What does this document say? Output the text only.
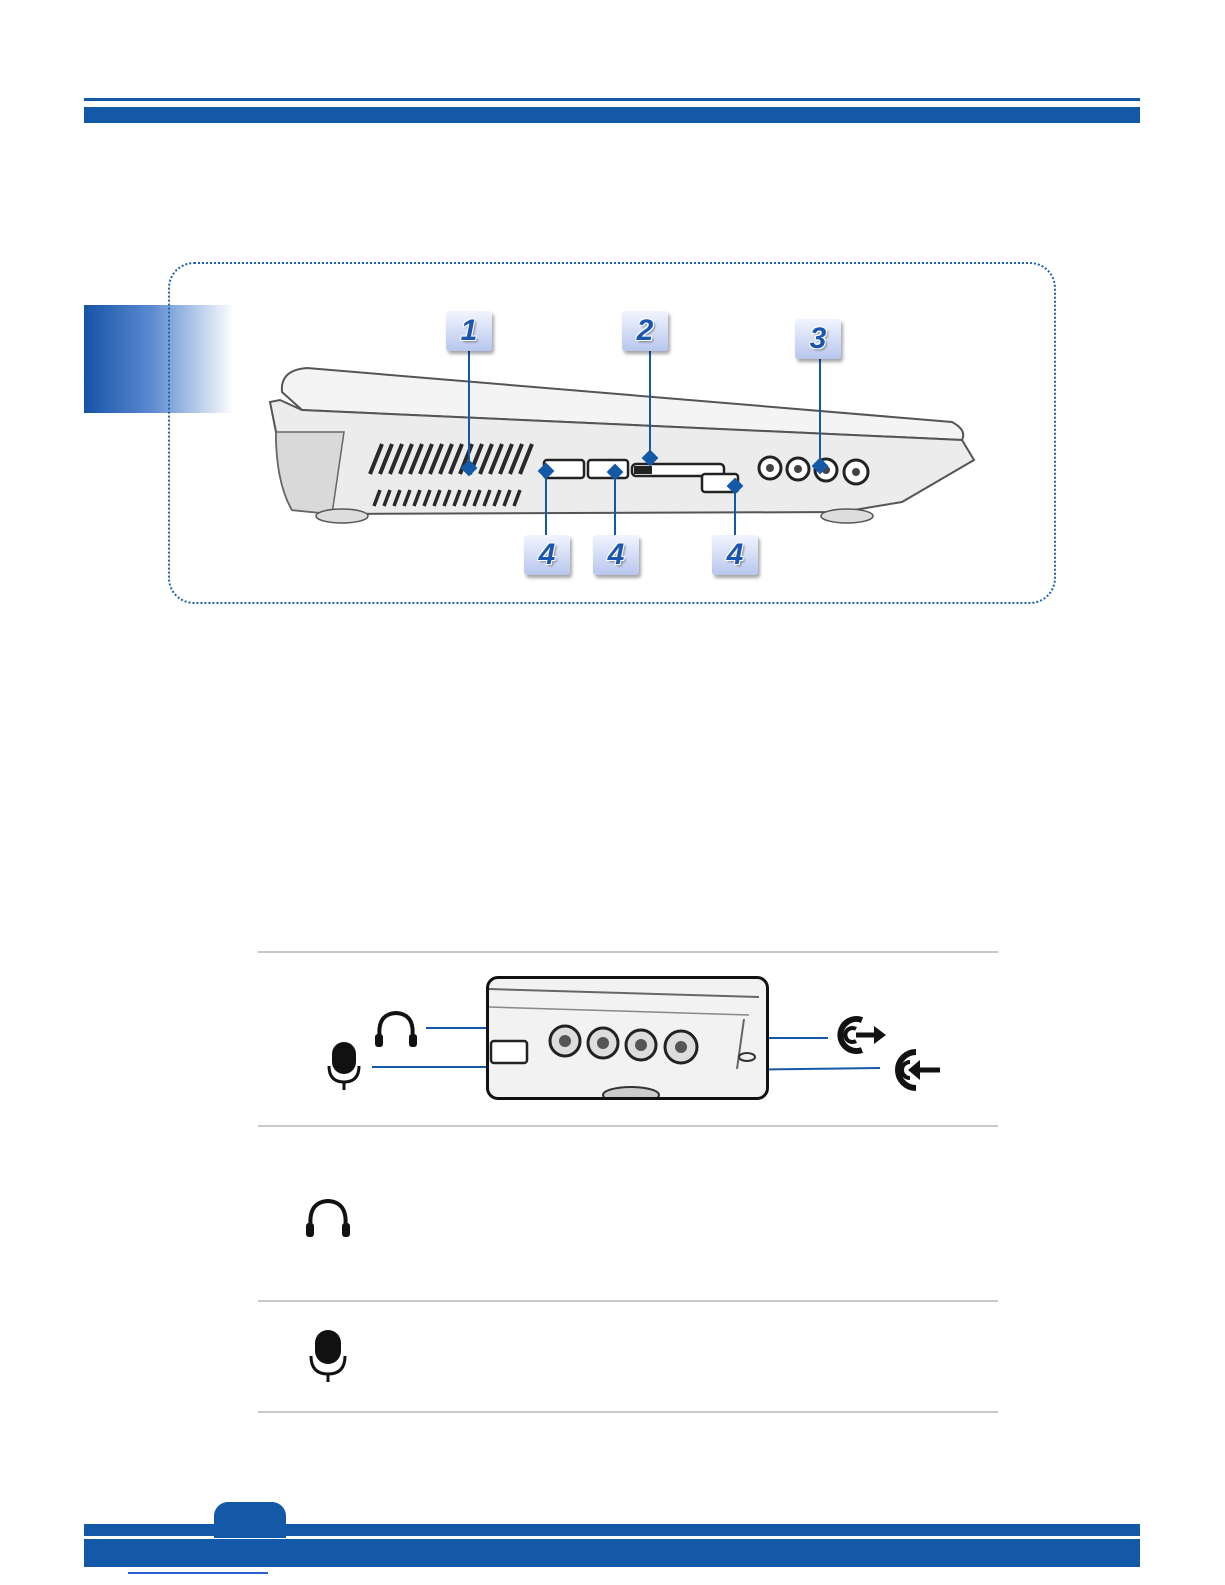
1	2	3
4	4	4
